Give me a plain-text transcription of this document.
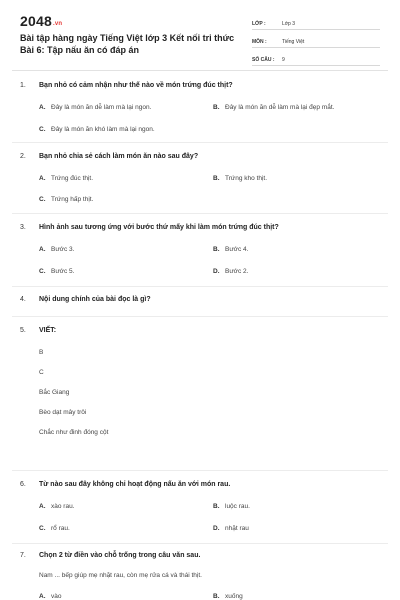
2048.vn
Bài tập hàng ngày Tiếng Việt lớp 3 Kết nối tri thức Bài 6: Tập nấu ăn có đáp án
LỚP :	Lớp 3
MÔN :	Tiếng Việt
SỐ CÂU :	9
1. Bạn nhỏ có cảm nhận như thế nào về món trứng đúc thịt?
A. Đây là món ăn dễ làm mà lại ngon.	B. Đây là món ăn dễ làm mà lại đẹp mắt.
C. Đây là món ăn khó làm mà lại ngon.
2. Bạn nhỏ chia sẻ cách làm món ăn nào sau đây?
A. Trứng đúc thịt.	B. Trứng kho thịt.
C. Trứng hấp thịt.
3. Hình ảnh sau tương ứng với bước thứ mấy khi làm món trứng đúc thịt?
A. Bước 3.	B. Bước 4.
C. Bước 5.	D. Bước 2.
4. Nội dung chính của bài đọc là gì?
5. VIẾT:
B
C
Bắc Giang
Bèo dạt mây trôi
Chắc như đinh đóng cột
6. Từ nào sau đây không chỉ hoạt động nấu ăn với món rau.
A. xào rau.	B. luộc rau.
C. rổ rau.	D. nhặt rau
7. Chọn 2 từ điền vào chỗ trống trong câu văn sau.
Nam ... bếp giúp mẹ nhặt rau, còn mẹ rửa cá và thái thịt.
A. vào	B. xuống
